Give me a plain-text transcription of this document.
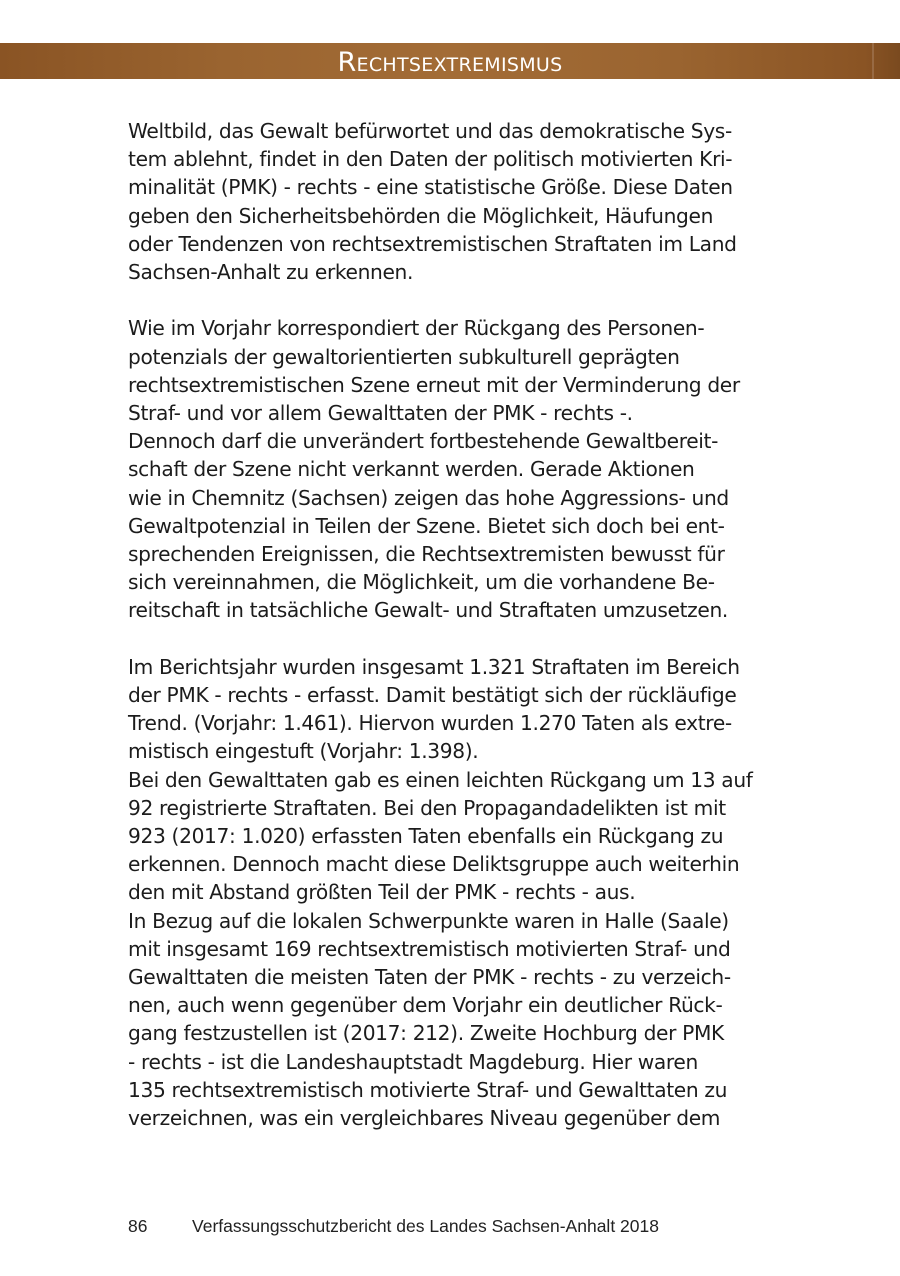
Rechtsextremismus

Weltbild, das Gewalt befürwortet und das demokratische Sys-
tem ablehnt, findet in den Daten der politisch motivierten Kri-
minalität (PMK) - rechts - eine statistische Größe. Diese Daten
geben den Sicherheitsbehörden die Möglichkeit, Häufungen
oder Tendenzen von rechtsextremistischen Straftaten im Land
Sachsen-Anhalt zu erkennen.

Wie im Vorjahr korrespondiert der Rückgang des Personen-
potenzials der gewaltorientierten subkulturell geprägten
rechtsextremistischen Szene erneut mit der Verminderung der
Straf- und vor allem Gewalttaten der PMK - rechts -.
Dennoch darf die unverändert fortbestehende Gewaltbereit-
schaft der Szene nicht verkannt werden. Gerade Aktionen
wie in Chemnitz (Sachsen) zeigen das hohe Aggressions- und
Gewaltpotenzial in Teilen der Szene. Bietet sich doch bei ent-
sprechenden Ereignissen, die Rechtsextremisten bewusst für
sich vereinnahmen, die Möglichkeit, um die vorhandene Be-
reitschaft in tatsächliche Gewalt- und Straftaten umzusetzen.

Im Berichtsjahr wurden insgesamt 1.321 Straftaten im Bereich
der PMK - rechts - erfasst. Damit bestätigt sich der rückläufige
Trend. (Vorjahr: 1.461). Hiervon wurden 1.270 Taten als extre-
mistisch eingestuft (Vorjahr: 1.398).
Bei den Gewalttaten gab es einen leichten Rückgang um 13 auf
92 registrierte Straftaten. Bei den Propagandadelikten ist mit
923 (2017: 1.020) erfassten Taten ebenfalls ein Rückgang zu
erkennen. Dennoch macht diese Deliktsgruppe auch weiterhin
den mit Abstand größten Teil der PMK - rechts - aus.
In Bezug auf die lokalen Schwerpunkte waren in Halle (Saale)
mit insgesamt 169 rechtsextremistisch motivierten Straf- und
Gewalttaten die meisten Taten der PMK - rechts - zu verzeich-
nen, auch wenn gegenüber dem Vorjahr ein deutlicher Rück-
gang festzustellen ist (2017: 212). Zweite Hochburg der PMK
- rechts - ist die Landeshauptstadt Magdeburg. Hier waren
135 rechtsextremistisch motivierte Straf- und Gewalttaten zu
verzeichnen, was ein vergleichbares Niveau gegenüber dem

86	Verfassungsschutzbericht des Landes Sachsen-Anhalt 2018
